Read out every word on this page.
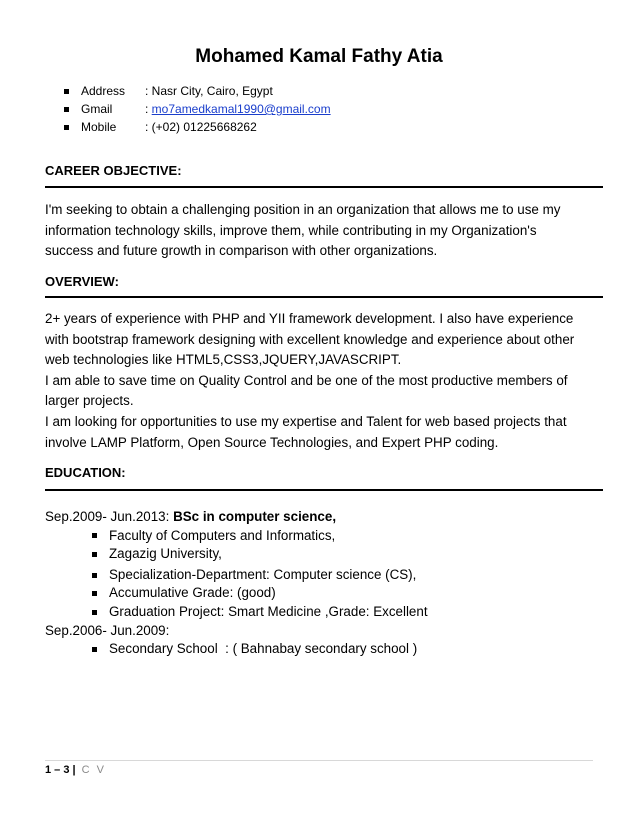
Mohamed Kamal Fathy Atia
Address	: Nasr City, Cairo, Egypt
Gmail	: mo7amedkamal1990@gmail.com
Mobile	: (+02) 01225668262
CAREER OBJECTIVE:
I'm seeking to obtain a challenging position in an organization that allows me to use my
information technology skills, improve them, while contributing in my Organization's
success and future growth in comparison with other organizations.
OVERVIEW:
2+ years of experience with PHP and YII framework development. I also have experience
with bootstrap framework designing with excellent knowledge and experience about other
web technologies like HTML5,CSS3,JQUERY,JAVASCRIPT.
I am able to save time on Quality Control and be one of the most productive members of
larger projects.
I am looking for opportunities to use my expertise and Talent for web based projects that
involve LAMP Platform, Open Source Technologies, and Expert PHP coding.
EDUCATION:
Sep.2009- Jun.2013: BSc in computer science,
Faculty of Computers and Informatics,
Zagazig University,
Specialization-Department: Computer science (CS),
Accumulative Grade: (good)
Graduation Project: Smart Medicine ,Grade: Excellent
Sep.2006- Jun.2009:
Secondary School  : ( Bahnabay secondary school )
1 – 3 | C V
